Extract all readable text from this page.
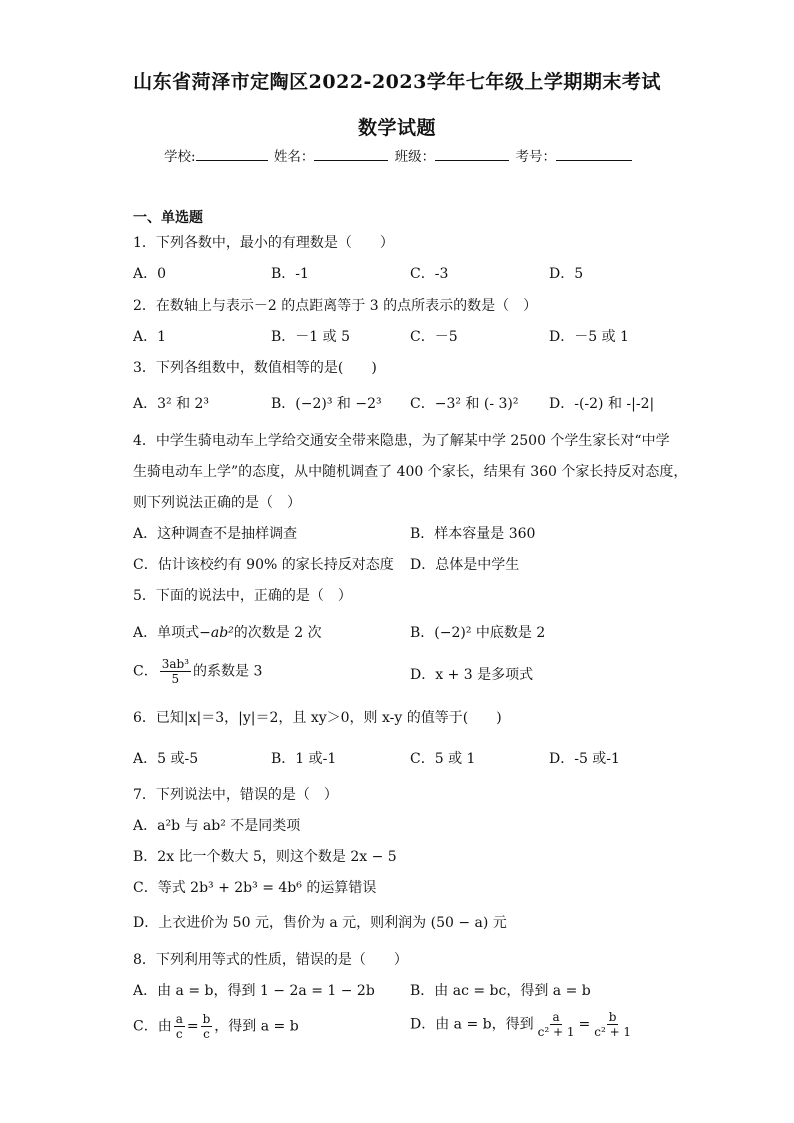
山东省菏泽市定陶区2022-2023学年七年级上学期期末考试
数学试题
学校:	姓名：	班级：	考号：
一、单选题
1．下列各数中，最小的有理数是（　　）
A．0	B．-1	C．-3	D．5
2．在数轴上与表示－2 的点距离等于 3 的点所表示的数是（　）
A．1	B．－1 或 5	C．－5	D．－5 或 1
3．下列各组数中，数值相等的是(　　)
A．3² 和 2³	B．(−2)³ 和 −2³ C．−3² 和 (- 3)² D．-(-2) 和 -|-2|
4．中学生骑电动车上学给交通安全带来隐患，为了解某中学 2500 个学生家长对“中学
生骑电动车上学”的态度，从中随机调查了 400 个家长，结果有 360 个家长持反对态度，
则下列说法正确的是（　）
A．这种调查不是抽样调查	B．样本容量是 360
C．估计该校约有 90% 的家长持反对态度 D．总体是中学生
5．下面的说法中，正确的是（　）
A．单项式−ab²的次数是 2 次	B．(−2)² 中底数是 2
C． $\frac{\text{3ab³}}{5}$ 的系数是 3	D．x + 3 是多项式
6．已知|x|＝3，|y|＝2，且 xy＞0，则 x-y 的值等于(　　)
A．5 或-5	B．1 或-1	C．5 或 1	D．-5 或-1
7．下列说法中，错误的是（　）
A．a²b 与 ab² 不是同类项
B．2x 比一个数大 5，则这个数是 2x − 5
C．等式 2b³ + 2b³ = 4b⁶ 的运算错误
D．上衣进价为 50 元，售价为 a 元，则利润为 (50 − a) 元
8．下列利用等式的性质，错误的是（　　）
A．由 a = b，得到 1 − 2a = 1 − 2b	B．由 ac = bc，得到 a = b
C．由 $\frac{a}{c} = \frac{b}{c}$ ，得到 a = b	D．由 a = b，得到 $\frac{a}{\text{c² + 1}} = \frac{b}{\text{c² + 1}}$
